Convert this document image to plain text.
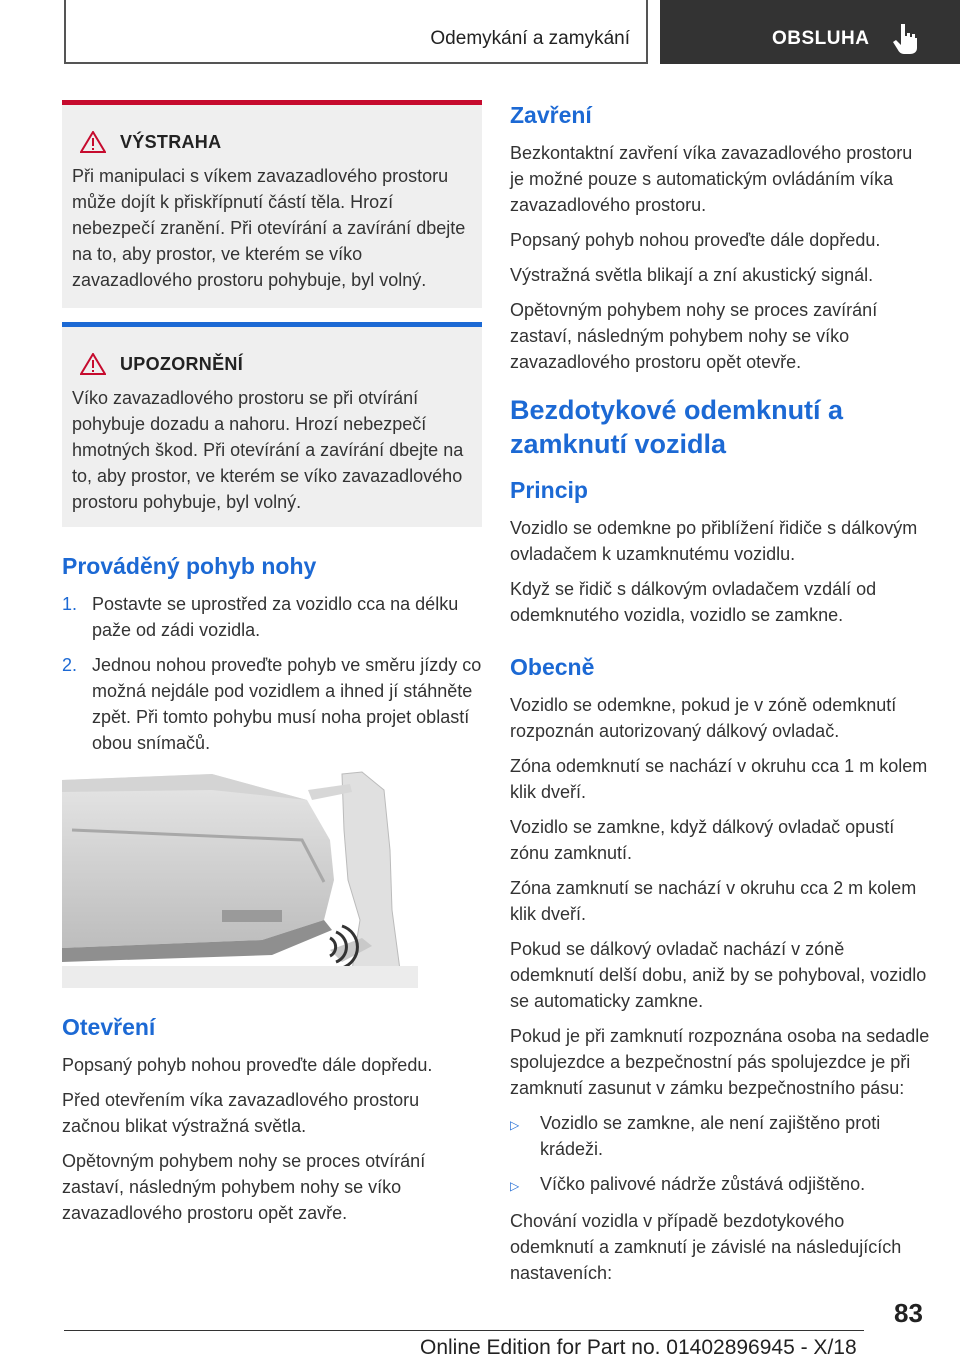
Odemykání a zamykání	OBSLUHA
VÝSTRAHA

Při manipulaci s víkem zavazadlového prostoru může dojít k přiskřípnutí částí těla. Hrozí nebezpečí zranění. Při otevírání a zavírání dbejte na to, aby prostor, ve kterém se víko zavazadlového prostoru pohybuje, byl volný.

UPOZORNĚNÍ

Víko zavazadlového prostoru se při otvírání pohybuje dozadu a nahoru. Hrozí nebezpečí hmotných škod. Při otevírání a zavírání dbejte na to, aby prostor, ve kterém se víko zavazadlového prostoru pohybuje, byl volný.

Prováděný pohyb nohy
1. Postavte se uprostřed za vozidlo cca na délku paže od zádi vozidla.
2. Jednou nohou proveďte pohyb ve směru jízdy co možná nejdále pod vozidlem a ihned jí stáhněte zpět. Při tomto pohybu musí noha projet oblastí obou snímačů.
Otevření

Popsaný pohyb nohou proveďte dále dopředu.

Před otevřením víka zavazadlového prostoru začnou blikat výstražná světla.

Opětovným pohybem nohy se proces otvírání zastaví, následným pohybem nohy se víko zavazadlového prostoru opět zavře.

Zavření

Bezkontaktní zavření víka zavazadlového prostoru je možné pouze s automatickým ovládáním víka zavazadlového prostoru.

Popsaný pohyb nohou proveďte dále dopředu.

Výstražná světla blikají a zní akustický signál.

Opětovným pohybem nohy se proces zavírání zastaví, následným pohybem nohy se víko zavazadlového prostoru opět otevře.

Bezdotykové odemknutí a zamknutí vozidla
Princip

Vozidlo se odemkne po přiblížení řidiče s dálkovým ovladačem k uzamknutému vozidlu.

Když se řidič s dálkovým ovladačem vzdálí od odemknutého vozidla, vozidlo se zamkne.

Obecně

Vozidlo se odemkne, pokud je v zóně odemknutí rozpoznán autorizovaný dálkový ovladač.

Zóna odemknutí se nachází v okruhu cca 1 m kolem klik dveří.

Vozidlo se zamkne, když dálkový ovladač opustí zónu zamknutí.

Zóna zamknutí se nachází v okruhu cca 2 m kolem klik dveří.

Pokud se dálkový ovladač nachází v zóně odemknutí delší dobu, aniž by se pohyboval, vozidlo se automaticky zamkne.

Pokud je při zamknutí rozpoznána osoba na sedadle spolujezdce a bezpečnostní pás spolujezdce je při zamknutí zasunut v zámku bezpečnostního pásu:

▷	Vozidlo se zamkne, ale není zajištěno proti krádeži.
▷	Víčko palivové nádrže zůstává odjištěno.

Chování vozidla v případě bezdotykového odemknutí a zamknutí je závislé na následujících nastaveních:

83
Online Edition for Part no. 01402896945 - X/18
